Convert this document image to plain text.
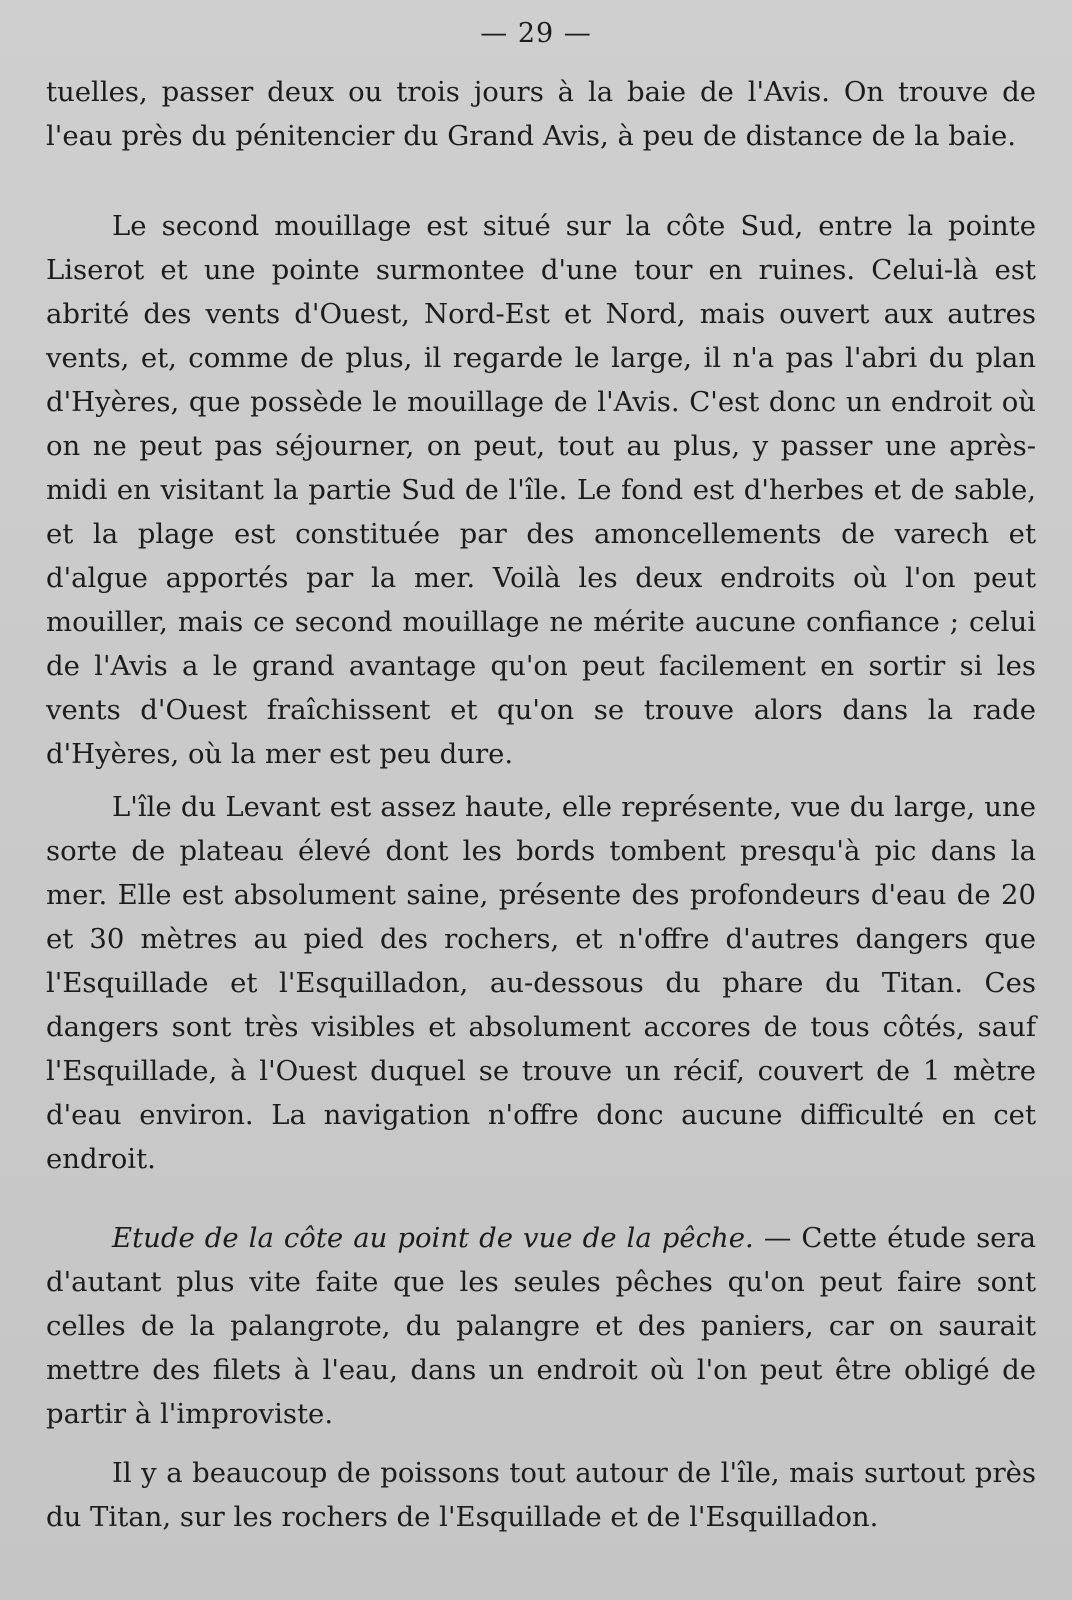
— 29 —

tuelles, passer deux ou trois jours à la baie de l'Avis. On trouve de l'eau près du pénitencier du Grand Avis, à peu de distance de la baie.

Le second mouillage est situé sur la côte Sud, entre la pointe Liserot et une pointe surmontee d'une tour en ruines. Celui-là est abrité des vents d'Ouest, Nord-Est et Nord, mais ouvert aux autres vents, et, comme de plus, il regarde le large, il n'a pas l'abri du plan d'Hyères, que possède le mouillage de l'Avis. C'est donc un endroit où on ne peut pas séjourner, on peut, tout au plus, y passer une après-midi en visitant la partie Sud de l'île. Le fond est d'herbes et de sable, et la plage est constituée par des amoncellements de varech et d'algue apportés par la mer. Voilà les deux endroits où l'on peut mouiller, mais ce second mouillage ne mérite aucune confiance ; celui de l'Avis a le grand avantage qu'on peut facilement en sortir si les vents d'Ouest fraîchissent et qu'on se trouve alors dans la rade d'Hyères, où la mer est peu dure.

L'île du Levant est assez haute, elle représente, vue du large, une sorte de plateau élevé dont les bords tombent presqu'à pic dans la mer. Elle est absolument saine, présente des profondeurs d'eau de 20 et 30 mètres au pied des rochers, et n'offre d'autres dangers que l'Esquillade et l'Esquilladon, au-dessous du phare du Titan. Ces dangers sont très visibles et absolument accores de tous côtés, sauf l'Esquillade, à l'Ouest duquel se trouve un récif, couvert de 1 mètre d'eau environ. La navigation n'offre donc aucune difficulté en cet endroit.

Etude de la côte au point de vue de la pêche. — Cette étude sera d'autant plus vite faite que les seules pêches qu'on peut faire sont celles de la palangrote, du palangre et des paniers, car on saurait mettre des filets à l'eau, dans un endroit où l'on peut être obligé de partir à l'improviste.

Il y a beaucoup de poissons tout autour de l'île, mais surtout près du Titan, sur les rochers de l'Esquillade et de l'Esquilladon.
